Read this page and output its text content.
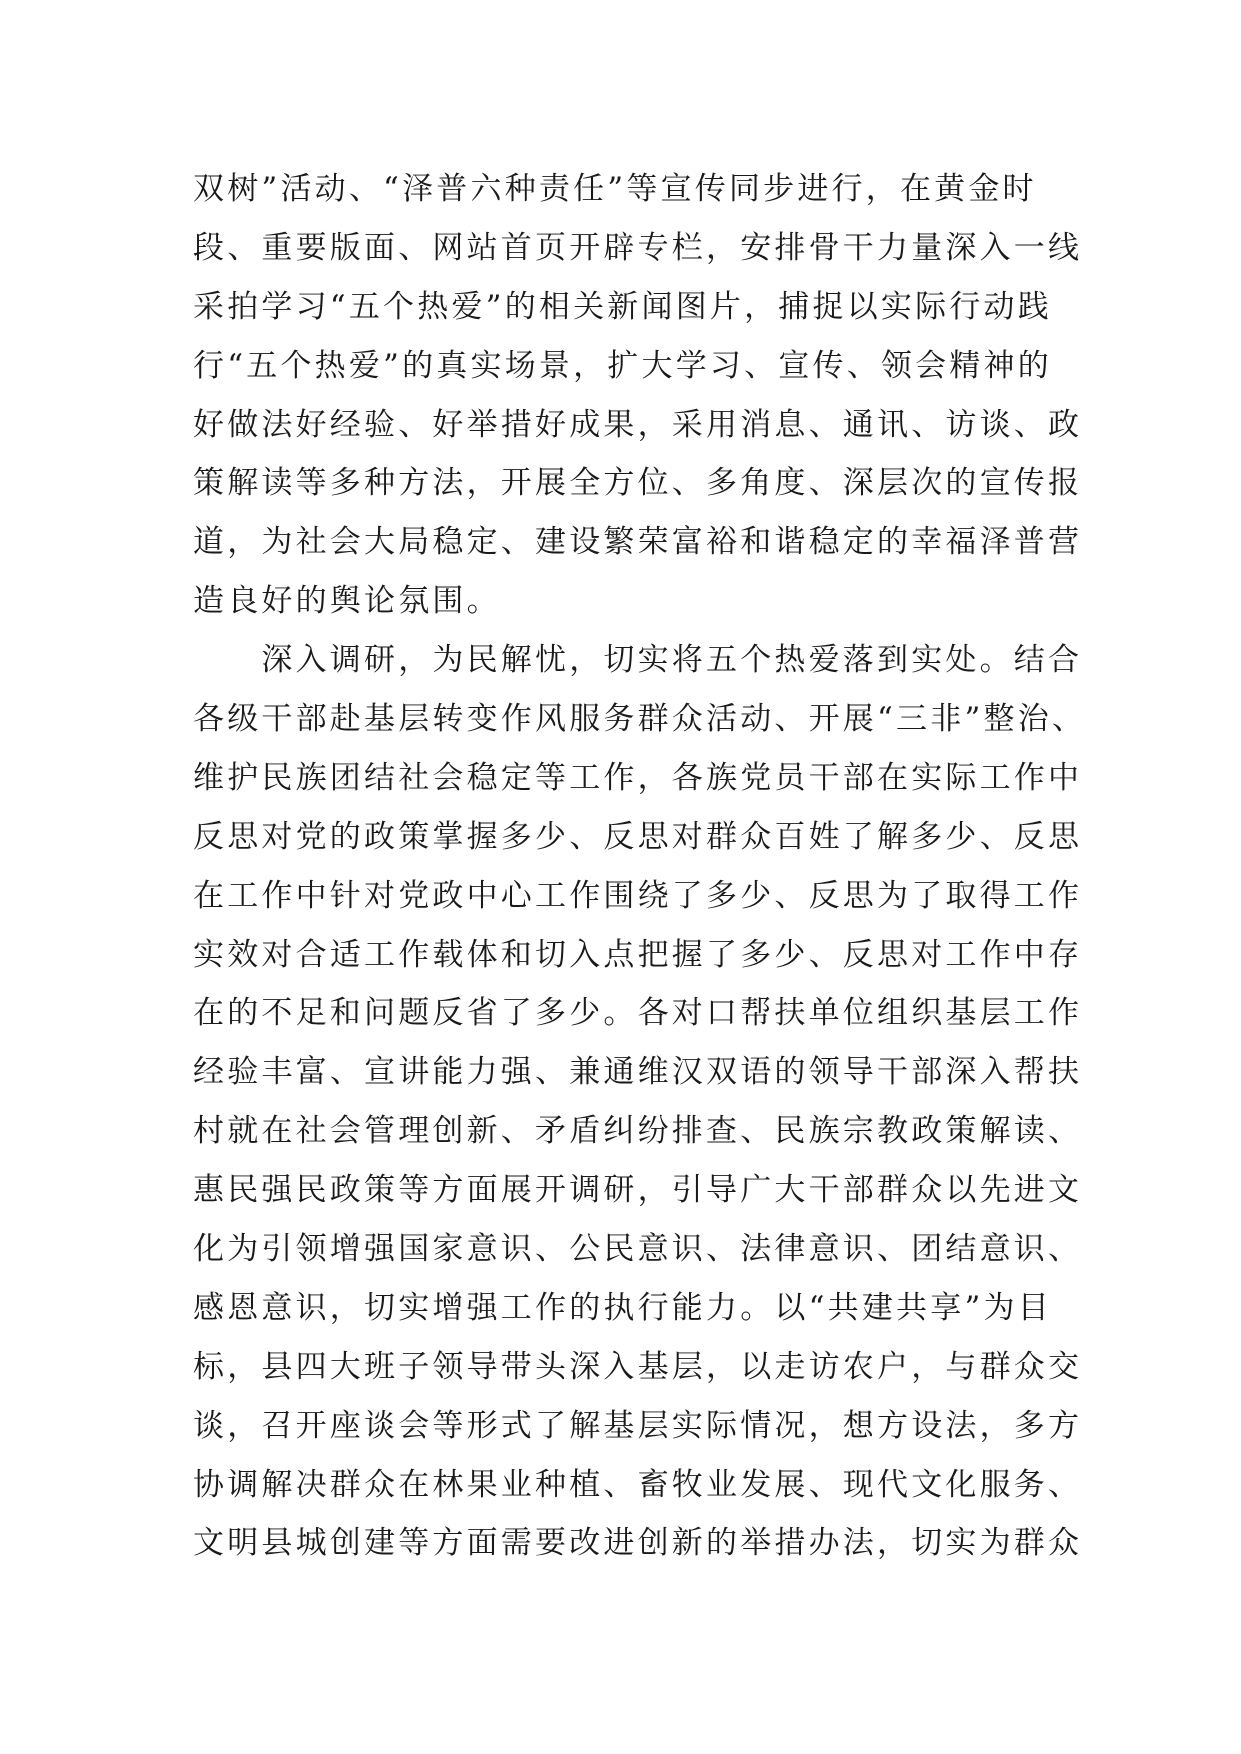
双树”活动、“泽普六种责任”等宣传同步进行，在黄金时
段、重要版面、网站首页开辟专栏，安排骨干力量深入一线
采拍学习“五个热爱”的相关新闻图片，捕捉以实际行动践
行“五个热爱”的真实场景，扩大学习、宣传、领会精神的
好做法好经验、好举措好成果，采用消息、通讯、访谈、政
策解读等多种方法，开展全方位、多角度、深层次的宣传报
道，为社会大局稳定、建设繁荣富裕和谐稳定的幸福泽普营
造良好的舆论氛围。
　　深入调研，为民解忧，切实将五个热爱落到实处。结合
各级干部赴基层转变作风服务群众活动、开展“三非”整治、
维护民族团结社会稳定等工作，各族党员干部在实际工作中
反思对党的政策掌握多少、反思对群众百姓了解多少、反思
在工作中针对党政中心工作围绕了多少、反思为了取得工作
实效对合适工作载体和切入点把握了多少、反思对工作中存
在的不足和问题反省了多少。各对口帮扶单位组织基层工作
经验丰富、宣讲能力强、兼通维汉双语的领导干部深入帮扶
村就在社会管理创新、矛盾纠纷排查、民族宗教政策解读、
惠民强民政策等方面展开调研，引导广大干部群众以先进文
化为引领增强国家意识、公民意识、法律意识、团结意识、
感恩意识，切实增强工作的执行能力。以“共建共享”为目
标，县四大班子领导带头深入基层，以走访农户，与群众交
谈，召开座谈会等形式了解基层实际情况，想方设法，多方
协调解决群众在林果业种植、畜牧业发展、现代文化服务、
文明县城创建等方面需要改进创新的举措办法，切实为群众
